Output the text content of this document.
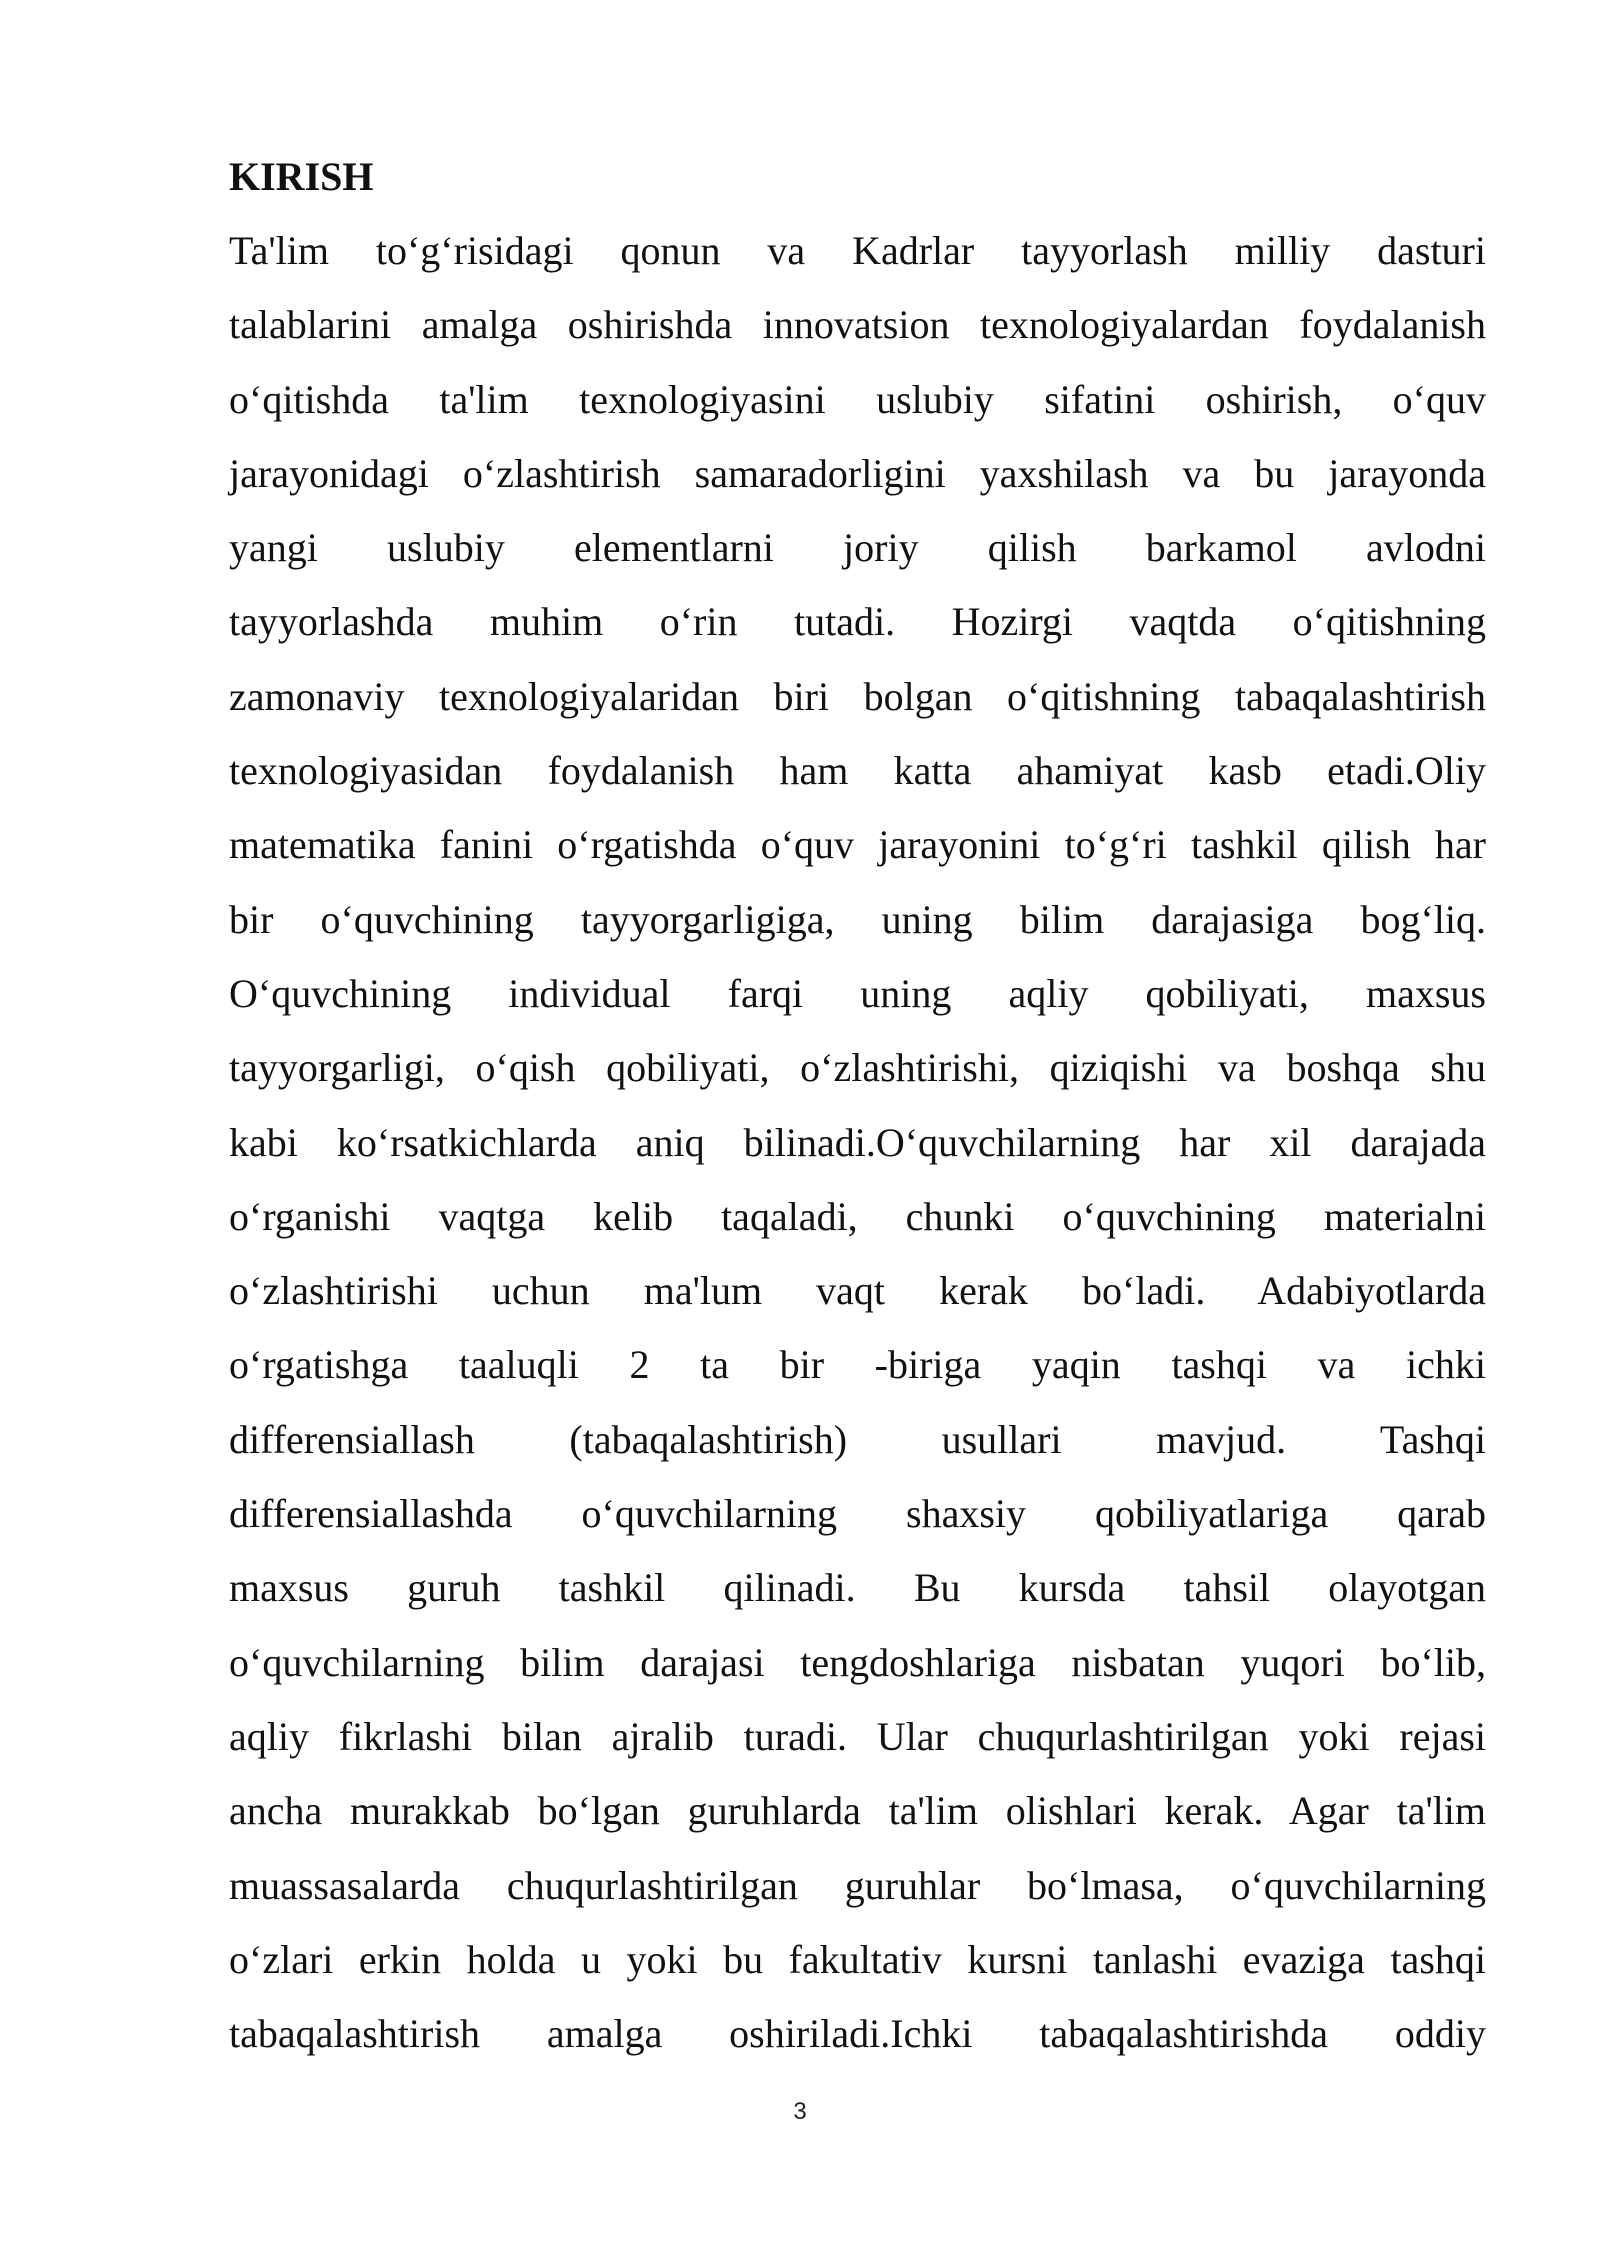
KIRISH
Ta'lim to‘g‘risidagi qonun va Kadrlar tayyorlash milliy dasturi
talablarini amalga oshirishda innovatsion texnologiyalardan foydalanish
o‘qitishda ta'lim texnologiyasini uslubiy sifatini oshirish, o‘quv
jarayonidagi o‘zlashtirish samaradorligini yaxshilash va bu jarayonda
yangi uslubiy elementlarni joriy qilish barkamol avlodni
tayyorlashda muhim o‘rin tutadi. Hozirgi vaqtda o‘qitishning
zamonaviy texnologiyalaridan biri bolgan o‘qitishning tabaqalashtirish
texnologiyasidan foydalanish ham katta ahamiyat kasb etadi.Oliy
matematika fanini o‘rgatishda o‘quv jarayonini to‘g‘ri tashkil qilish har
bir o‘quvchining tayyorgarligiga, uning bilim darajasiga bog‘liq.
O‘quvchining individual farqi uning aqliy qobiliyati, maxsus
tayyorgarligi, o‘qish qobiliyati, o‘zlashtirishi, qiziqishi va boshqa shu
kabi ko‘rsatkichlarda aniq bilinadi.O‘quvchilarning har xil darajada
o‘rganishi vaqtga kelib taqaladi, chunki o‘quvchining materialni
o‘zlashtirishi uchun ma'lum vaqt kerak bo‘ladi. Adabiyotlarda
o‘rgatishga taaluqli 2 ta bir -biriga yaqin tashqi va ichki
differensiallash (tabaqalashtirish) usullari mavjud. Tashqi
differensiallashda o‘quvchilarning shaxsiy qobiliyatlariga qarab
maxsus guruh tashkil qilinadi. Bu kursda tahsil olayotgan
o‘quvchilarning bilim darajasi tengdoshlariga nisbatan yuqori bo‘lib,
aqliy fikrlashi bilan ajralib turadi. Ular chuqurlashtirilgan yoki rejasi
ancha murakkab bo‘lgan guruhlarda ta'lim olishlari kerak. Agar ta'lim
muassasalarda chuqurlashtirilgan guruhlar bo‘lmasa, o‘quvchilarning
o‘zlari erkin holda u yoki bu fakultativ kursni tanlashi evaziga tashqi
tabaqalashtirish amalga oshiriladi.Ichki tabaqalashtirishda oddiy
3
